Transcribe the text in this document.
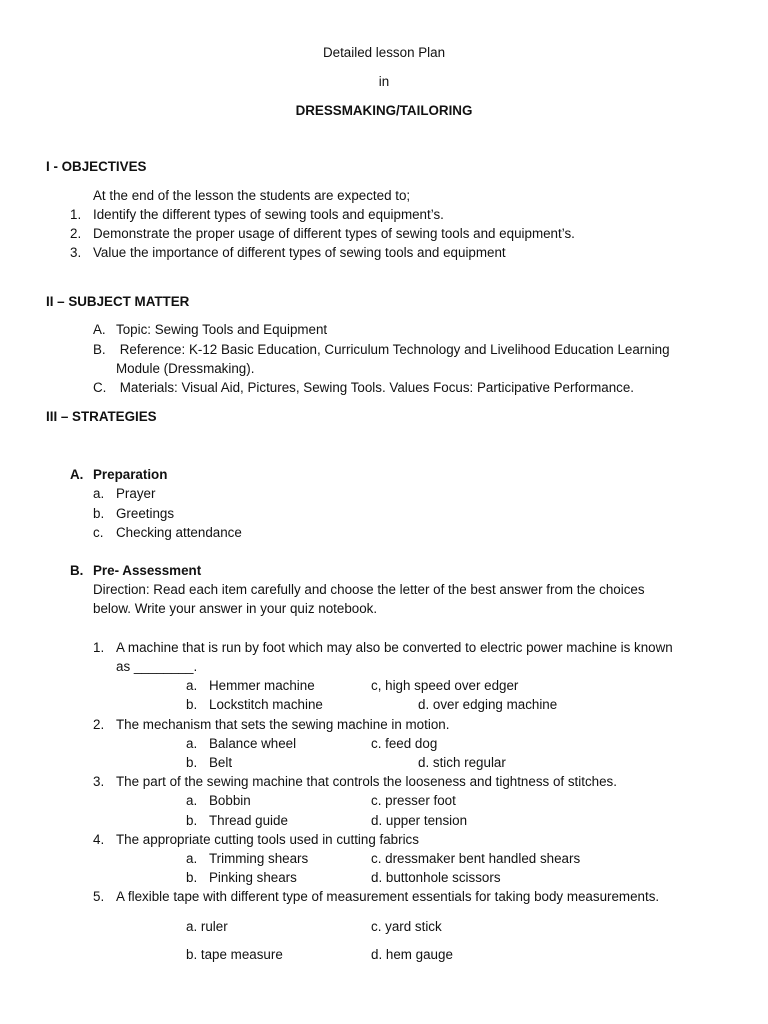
Detailed lesson Plan
in
DRESSMAKING/TAILORING
I - OBJECTIVES
At the end of the lesson the students are expected to;
1. Identify the different types of sewing tools and equipment’s.
2. Demonstrate the proper usage of different types of sewing tools and equipment’s.
3. Value the importance of different types of sewing tools and equipment
II – SUBJECT MATTER
A. Topic: Sewing Tools and Equipment
B. Reference: K-12 Basic Education, Curriculum Technology and Livelihood Education Learning
Module (Dressmaking).
C. Materials: Visual Aid, Pictures, Sewing Tools. Values Focus: Participative Performance.
III – STRATEGIES
A. Preparation
a. Prayer
b. Greetings
c. Checking attendance
B. Pre- Assessment
Direction: Read each item carefully and choose the letter of the best answer from the choices
below. Write your answer in your quiz notebook.
1. A machine that is run by foot which may also be converted to electric power machine is known
as ________.
a. Hemmer machine	c, high speed over edger
b. Lockstitch machine	d. over edging machine
2. The mechanism that sets the sewing machine in motion.
a. Balance wheel	c. feed dog
b. Belt	d. stich regular
3. The part of the sewing machine that controls the looseness and tightness of stitches.
a. Bobbin	c. presser foot
b. Thread guide	d. upper tension
4. The appropriate cutting tools used in cutting fabrics
a. Trimming shears	c. dressmaker bent handled shears
b. Pinking shears	d. buttonhole scissors
5. A flexible tape with different type of measurement essentials for taking body measurements.
a. ruler	c. yard stick
b. tape measure	d. hem gauge
